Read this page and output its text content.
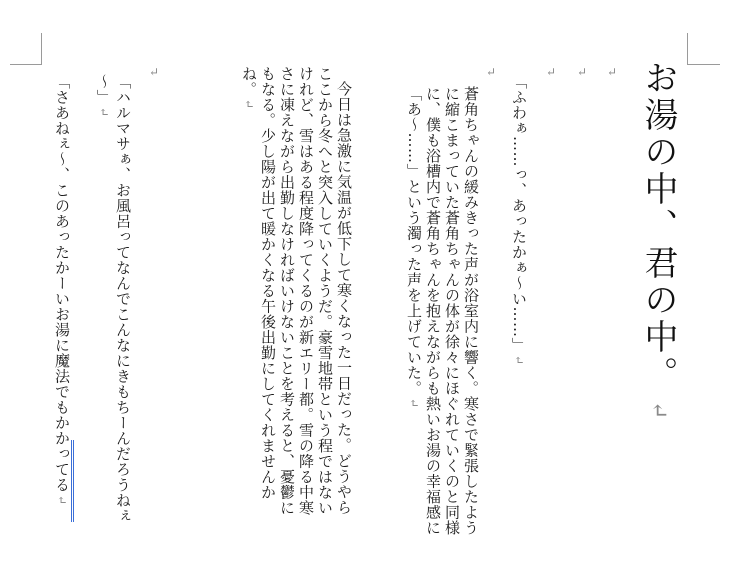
お湯の中、君の中。↵
↵
↵
↵
↵
↵
「ふわぁ……っ、あったかぁ～い……」↵
蒼角ちゃんの緩みきった声が浴室内に響く。寒さで緊張したように縮こまっていた蒼角ちゃんの体が徐々にほぐれていくのと同様に、僕も浴槽内で蒼角ちゃんを抱えながらも熱いお湯の幸福感に「あ～……」という濁った声を上げていた。↵
今日は急激に気温が低下して寒くなった一日だった。どうやらここから冬へと突入していくようだ。豪雪地帯という程ではないけれど、雪はある程度降ってくるのが新エリー都。雪の降る中寒さに凍えながら出勤しなければいけないことを考えると、憂鬱にもなる。少し陽が出て暖かくなる午後出勤にしてくれませんかね。↵
「ハルマサぁ、お風呂ってなんでこんなにきもちーんだろうねぇ～」↵
「さあねぇ～、このあったかーいお湯に魔法でもかかってる↵
